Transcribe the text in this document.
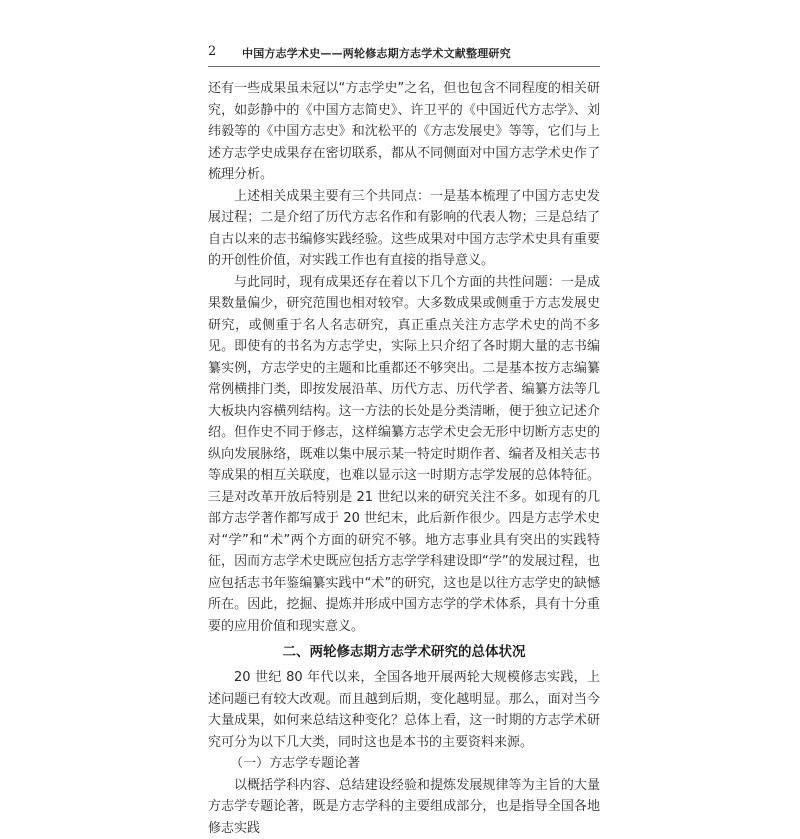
2 中国方志学术史——两轮修志期方志学术文献整理研究

还有一些成果虽未冠以“方志学史”之名，但也包含不同程度的相关研究，如彭静中的《中国方志简史》、许卫平的《中国近代方志学》、刘纬毅等的《中国方志史》和沈松平的《方志发展史》等等，它们与上述方志学史成果存在密切联系，都从不同侧面对中国方志学术史作了梳理分析。

上述相关成果主要有三个共同点：一是基本梳理了中国方志史发展过程；二是介绍了历代方志名作和有影响的代表人物；三是总结了自古以来的志书编修实践经验。这些成果对中国方志学术史具有重要的开创性价值，对实践工作也有直接的指导意义。

与此同时，现有成果还存在着以下几个方面的共性问题：一是成果数量偏少，研究范围也相对较窄。大多数成果或侧重于方志发展史研究，或侧重于名人名志研究，真正重点关注方志学术史的尚不多见。即使有的书名为方志学史，实际上只介绍了各时期大量的志书编纂实例，方志学史的主题和比重都还不够突出。二是基本按方志编纂常例横排门类，即按发展沿革、历代方志、历代学者、编纂方法等几大板块内容横列结构。这一方法的长处是分类清晰，便于独立记述介绍。但作史不同于修志，这样编纂方志学术史会无形中切断方志史的纵向发展脉络，既难以集中展示某一特定时期作者、编者及相关志书等成果的相互关联度，也难以显示这一时期方志学发展的总体特征。三是对改革开放后特别是 21 世纪以来的研究关注不多。如现有的几部方志学著作都写成于 20 世纪末，此后新作很少。四是方志学术史对“学”和“术”两个方面的研究不够。地方志事业具有突出的实践特征，因而方志学术史既应包括方志学学科建设即“学”的发展过程，也应包括志书年鉴编纂实践中“术”的研究，这也是以往方志学史的缺憾所在。因此，挖掘、提炼并形成中国方志学的学术体系，具有十分重要的应用价值和现实意义。

二、两轮修志期方志学术研究的总体状况

20 世纪 80 年代以来，全国各地开展两轮大规模修志实践，上述问题已有较大改观。而且越到后期，变化越明显。那么，面对当今大量成果，如何来总结这种变化？总体上看，这一时期的方志学术研究可分为以下几大类，同时这也是本书的主要资料来源。

（一）方志学专题论著

以概括学科内容、总结建设经验和提炼发展规律等为主旨的大量方志学专题论著，既是方志学科的主要组成部分，也是指导全国各地修志实践
